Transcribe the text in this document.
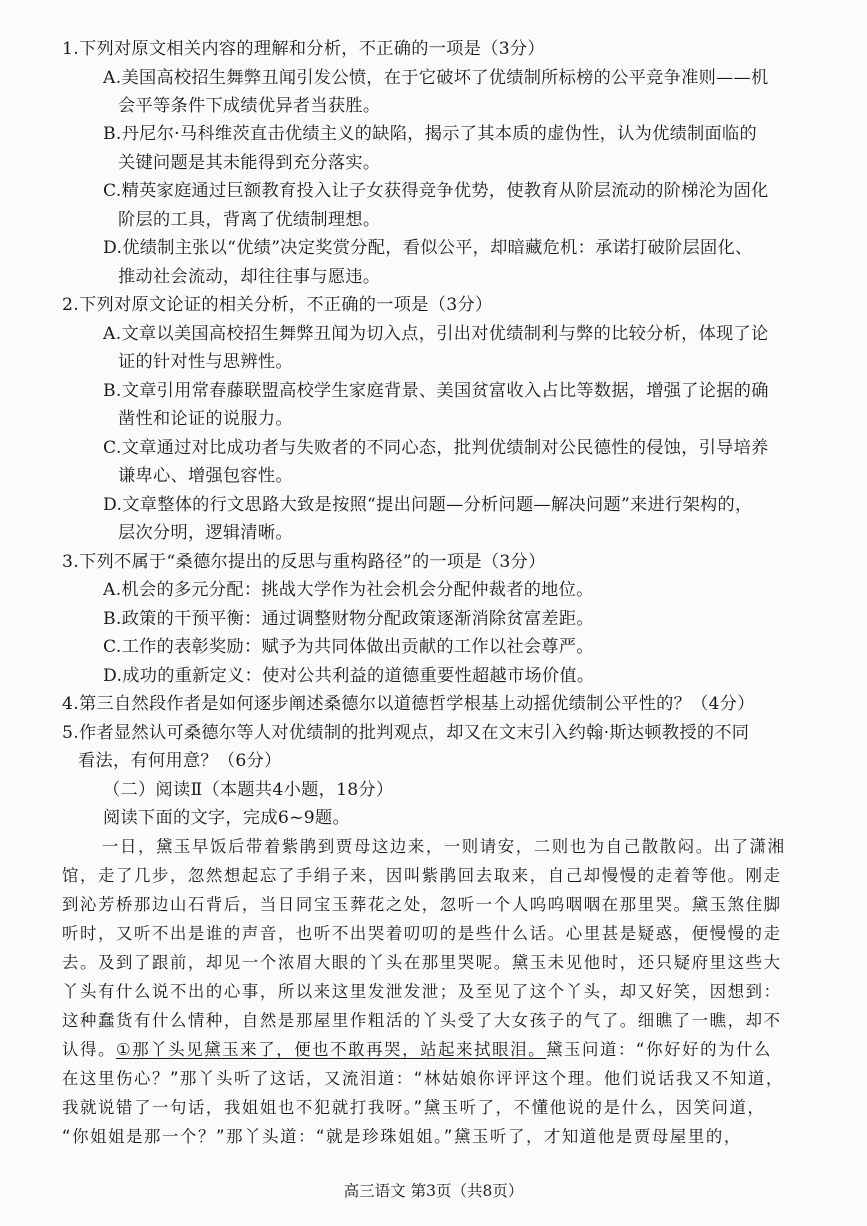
1.下列对原文相关内容的理解和分析，不正确的一项是（3分）
A.美国高校招生舞弊丑闻引发公愤，在于它破坏了优绩制所标榜的公平竞争准则——机
会平等条件下成绩优异者当获胜。
B.丹尼尔·马科维茨直击优绩主义的缺陷，揭示了其本质的虚伪性，认为优绩制面临的
关键问题是其未能得到充分落实。
C.精英家庭通过巨额教育投入让子女获得竞争优势，使教育从阶层流动的阶梯沦为固化
阶层的工具，背离了优绩制理想。
D.优绩制主张以“优绩”决定奖赏分配，看似公平，却暗藏危机：承诺打破阶层固化、
推动社会流动，却往往事与愿违。
2.下列对原文论证的相关分析，不正确的一项是（3分）
A.文章以美国高校招生舞弊丑闻为切入点，引出对优绩制利与弊的比较分析，体现了论
证的针对性与思辨性。
B.文章引用常春藤联盟高校学生家庭背景、美国贫富收入占比等数据，增强了论据的确
凿性和论证的说服力。
C.文章通过对比成功者与失败者的不同心态，批判优绩制对公民德性的侵蚀，引导培养
谦卑心、增强包容性。
D.文章整体的行文思路大致是按照“提出问题—分析问题—解决问题”来进行架构的，
层次分明，逻辑清晰。
3.下列不属于“桑德尔提出的反思与重构路径”的一项是（3分）
A.机会的多元分配：挑战大学作为社会机会分配仲裁者的地位。
B.政策的干预平衡：通过调整财物分配政策逐渐消除贫富差距。
C.工作的表彰奖励：赋予为共同体做出贡献的工作以社会尊严。
D.成功的重新定义：使对公共利益的道德重要性超越市场价值。
4.第三自然段作者是如何逐步阐述桑德尔以道德哲学根基上动摇优绩制公平性的？（4分）
5.作者显然认可桑德尔等人对优绩制的批判观点，却又在文末引入约翰·斯达顿教授的不同
看法，有何用意？（6分）
（二）阅读Ⅱ（本题共4小题，18分）
阅读下面的文字，完成6~9题。
一日，黛玉早饭后带着紫鹃到贾母这边来，一则请安，二则也为自己散散闷。出了潇湘
馆，走了几步，忽然想起忘了手绢子来，因叫紫鹃回去取来，自己却慢慢的走着等他。刚走
到沁芳桥那边山石背后，当日同宝玉葬花之处，忽听一个人呜呜咽咽在那里哭。黛玉煞住脚
听时，又听不出是谁的声音，也听不出哭着叨叨的是些什么话。心里甚是疑惑，便慢慢的走
去。及到了跟前，却见一个浓眉大眼的丫头在那里哭呢。黛玉未见他时，还只疑府里这些大
丫头有什么说不出的心事，所以来这里发泄发泄；及至见了这个丫头，却又好笑，因想到：
这种蠢货有什么情种，自然是那屋里作粗活的丫头受了大女孩子的气了。细瞧了一瞧，却不
认得。①那丫头见黛玉来了，便也不敢再哭，站起来拭眼泪。黛玉问道：“你好好的为什么
在这里伤心？”那丫头听了这话，又流泪道：“林姑娘你评评这个理。他们说话我又不知道，
我就说错了一句话，我姐姐也不犯就打我呀。”黛玉听了，不懂他说的是什么，因笑问道，
“你姐姐是那一个？”那丫头道：“就是珍珠姐姐。”黛玉听了，才知道他是贾母屋里的，
高三语文 第3页（共8页）
